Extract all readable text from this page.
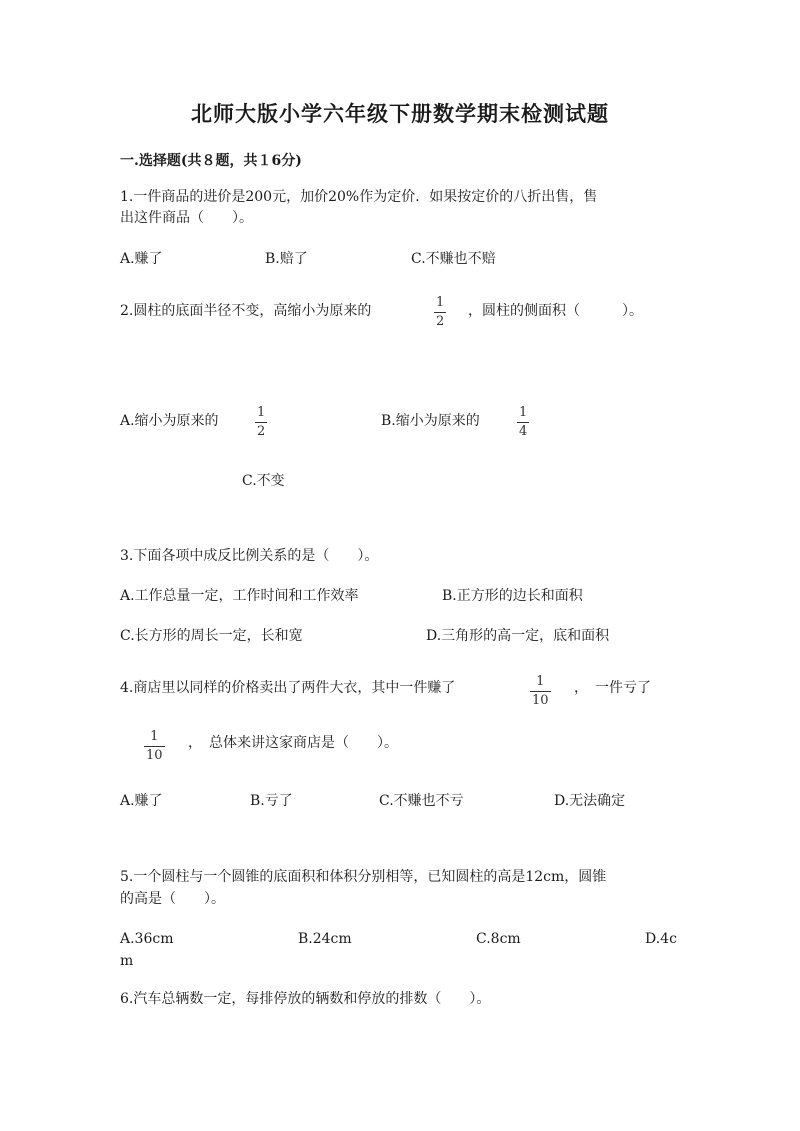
北师大版小学六年级下册数学期末检测试题
一.选择题(共８题，共１6分)
1.一件商品的进价是200元，加价20%作为定价．如果按定价的八折出售，售
出这件商品（　　）。
A.赚了	B.赔了	C.不赚也不赔
2.圆柱的底面半径不变，高缩小为原来的
1
2
，圆柱的侧面积（　　　）。
A.缩小为原来的
1
2
B.缩小为原来的
1
4
C.不变
3.下面各项中成反比例关系的是（　　）。
A.工作总量一定，工作时间和工作效率	B.正方形的边长和面积
C.长方形的周长一定，长和宽	D.三角形的高一定，底和面积
4.商店里以同样的价格卖出了两件大衣，其中一件赚了	1
10
，　一件亏了
1
10
，　总体来讲这家商店是（　　）。
A.赚了	B.亏了	C.不赚也不亏	D.无法确定
5.一个圆柱与一个圆锥的底面积和体积分别相等，已知圆柱的高是12cm，圆锥
的高是（　　）。
A.36cm	B.24cm	C.8cm	D.4c
m
6.汽车总辆数一定，每排停放的辆数和停放的排数（　　）。
